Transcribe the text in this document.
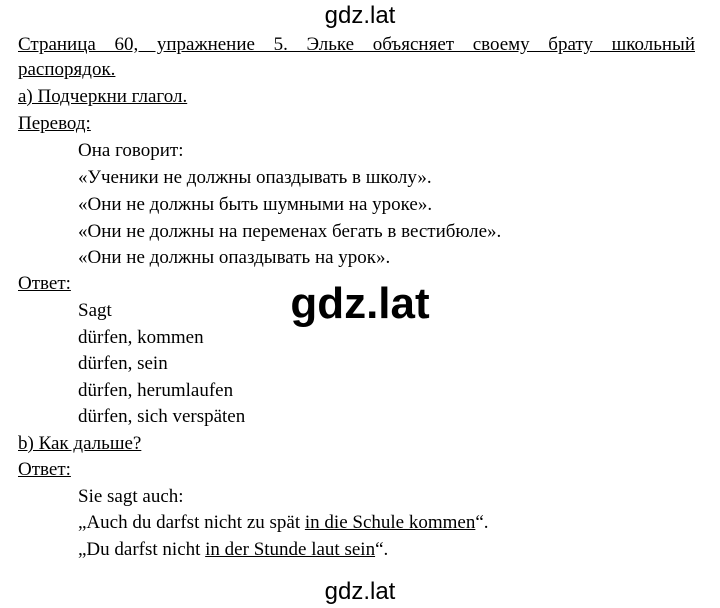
gdz.lat
Страница 60, упражнение 5. Эльке объясняет своему брату школьный
распорядок.
a) Подчеркни глагол.
Перевод:
Она говорит:
«Ученики не должны опаздывать в школу».
«Они не должны быть шумными на уроке».
«Они не должны на переменах бегать в вестибюле».
«Они не должны опаздывать на урок».
Ответ:
Sagt
dürfen, kommen
dürfen, sein
dürfen, herumlaufen
dürfen, sich verspäten
gdz.lat
b) Как дальше?
Ответ:
Sie sagt auch:
„Auch du darfst nicht zu spät in die Schule kommen“.
„Du darfst nicht in der Stunde laut sein“.
gdz.lat
